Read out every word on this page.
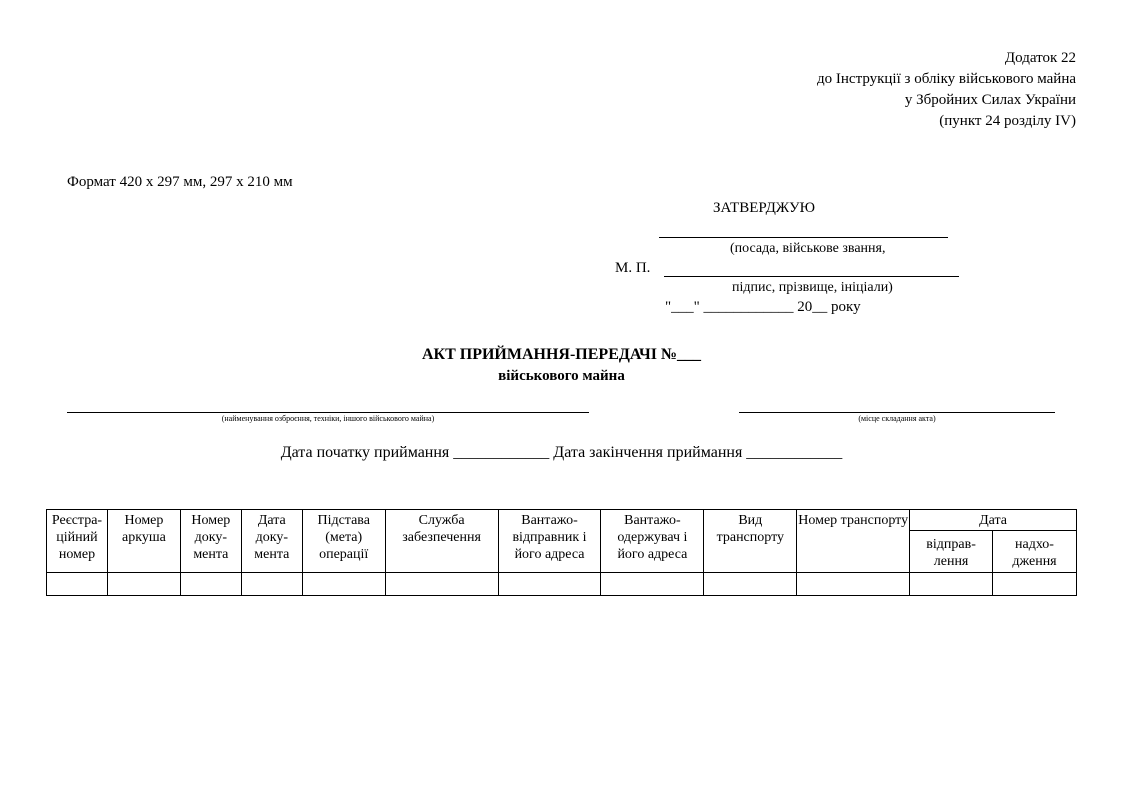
Додаток 22
до Інструкції з обліку військового майна
у Збройних Силах України
(пункт 24 розділу IV)
Формат 420 х 297 мм, 297 х 210 мм
ЗАТВЕРДЖУЮ
(посада, військове звання,
М. П.
підпис, прізвище, ініціали)
"___" ____________ 20__ року
АКТ ПРИЙМАННЯ-ПЕРЕДАЧІ №___
військового майна
(найменування озброєння, техніки, іншого військового майна)	(місце складання акта)
Дата початку приймання ____________ Дата закінчення приймання ____________
Реєстра-ційний номер	Номер аркуша	Номер доку-мента	Дата доку-мента	Підстава (мета) операції	Служба забезпечення	Вантажо-відправник і його адреса	Вантажо-одержувач і його адреса	Вид транспорту	Номер транспорту	Дата	
										відправ-лення	надхо-дження
